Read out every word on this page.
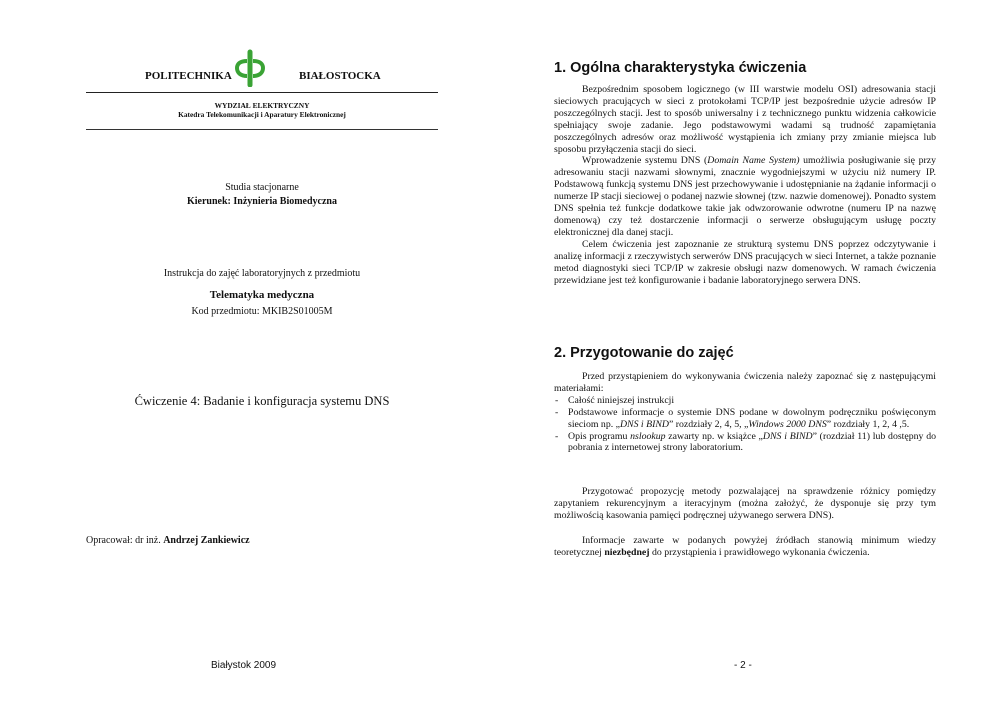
POLITECHNIKA	BIAŁOSTOCKA
WYDZIAŁ ELEKTRYCZNY
Katedra Telekomunikacji i Aparatury Elektronicznej
Studia stacjonarne
Kierunek: Inżynieria Biomedyczna
Instrukcja do zajęć laboratoryjnych z przedmiotu
Telematyka medyczna
Kod przedmiotu: MKIB2S01005M
Ćwiczenie 4: Badanie i konfiguracja systemu DNS
Opracował: dr inż. Andrzej Zankiewicz
Białystok 2009
1. Ogólna charakterystyka ćwiczenia
Bezpośrednim sposobem logicznego (w III warstwie modelu OSI) adresowania stacji sieciowych pracujących w sieci z protokołami TCP/IP jest bezpośrednie użycie adresów IP poszczególnych stacji. Jest to sposób uniwersalny i z technicznego punktu widzenia całkowicie spełniający swoje zadanie. Jego podstawowymi wadami są trudność zapamiętania poszczególnych adresów oraz możliwość wystąpienia ich zmiany przy zmianie miejsca lub sposobu przyłączenia stacji do sieci.
Wprowadzenie systemu DNS (Domain Name System) umożliwia posługiwanie się przy adresowaniu stacji nazwami słownymi, znacznie wygodniejszymi w użyciu niż numery IP. Podstawową funkcją systemu DNS jest przechowywanie i udostępnianie na żądanie informacji o numerze IP stacji sieciowej o podanej nazwie słownej (tzw. nazwie domenowej). Ponadto system DNS spełnia też funkcje dodatkowe takie jak odwzorowanie odwrotne (numeru IP na nazwę domenową) czy też dostarczenie informacji o serwerze obsługującym usługę poczty elektronicznej dla danej stacji.
Celem ćwiczenia jest zapoznanie ze strukturą systemu DNS poprzez odczytywanie i analizę informacji z rzeczywistych serwerów DNS pracujących w sieci Internet, a także poznanie metod diagnostyki sieci TCP/IP w zakresie obsługi nazw domenowych. W ramach ćwiczenia przewidziane jest też konfigurowanie i badanie laboratoryjnego serwera DNS.
2. Przygotowanie do zajęć
Przed przystąpieniem do wykonywania ćwiczenia należy zapoznać się z następującymi materiałami:
- Całość niniejszej instrukcji
- Podstawowe informacje o systemie DNS podane w dowolnym podręczniku poświęconym sieciom np. „DNS i BIND” rozdziały 2, 4, 5, „Windows 2000 DNS” rozdziały 1, 2, 4 ,5.
- Opis programu nslookup zawarty np. w książce „DNS i BIND” (rozdział 11) lub dostępny do pobrania z internetowej strony laboratorium.
Przygotować propozycję metody pozwalającej na sprawdzenie różnicy pomiędzy zapytaniem rekurencyjnym a iteracyjnym (można założyć, że dysponuje się przy tym możliwością kasowania pamięci podręcznej używanego serwera DNS).
Informacje zawarte w podanych powyżej źródłach stanowią minimum wiedzy teoretycznej niezbędnej do przystąpienia i prawidłowego wykonania ćwiczenia.
- 2 -
